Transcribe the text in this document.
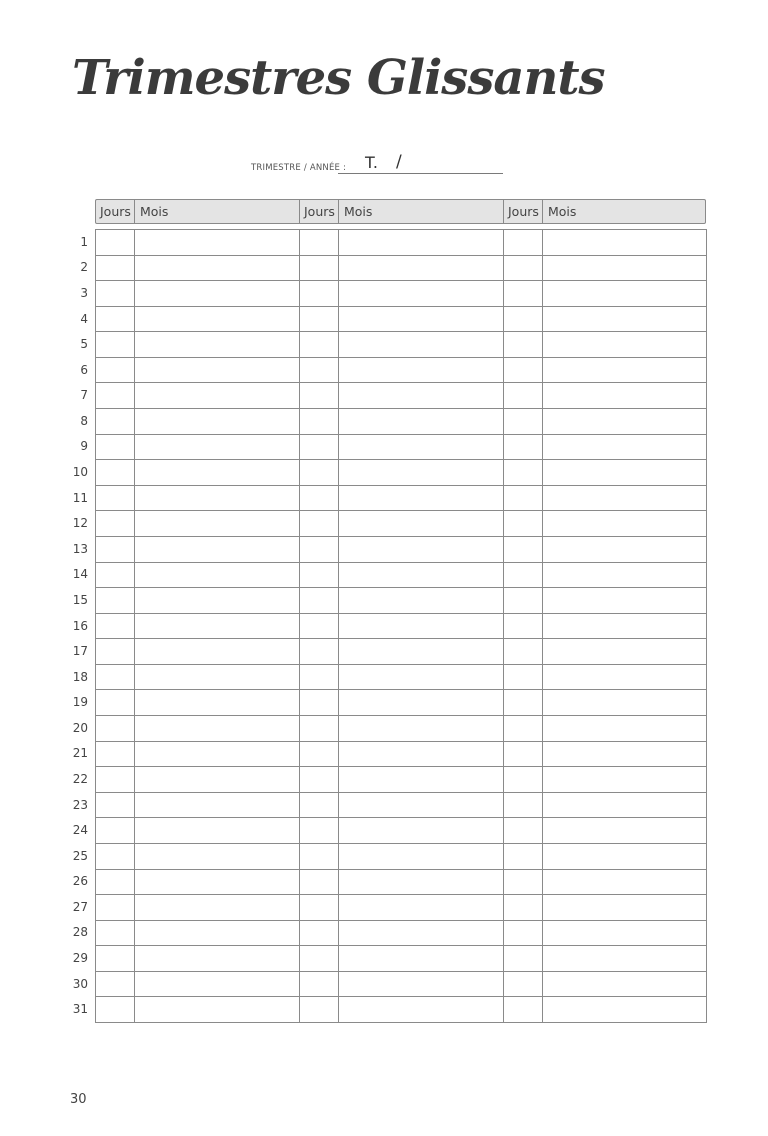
Trimestres Glissants
TRIMESTRE / ANNÉE : T. /
Jours Mois	Jours Mois	Jours Mois
1
2
3
4
5
6
7
8
9
10
11
12
13
14
15
16
17
18
19
20
21
22
23
24
25
26
27
28
29
30
31
30
